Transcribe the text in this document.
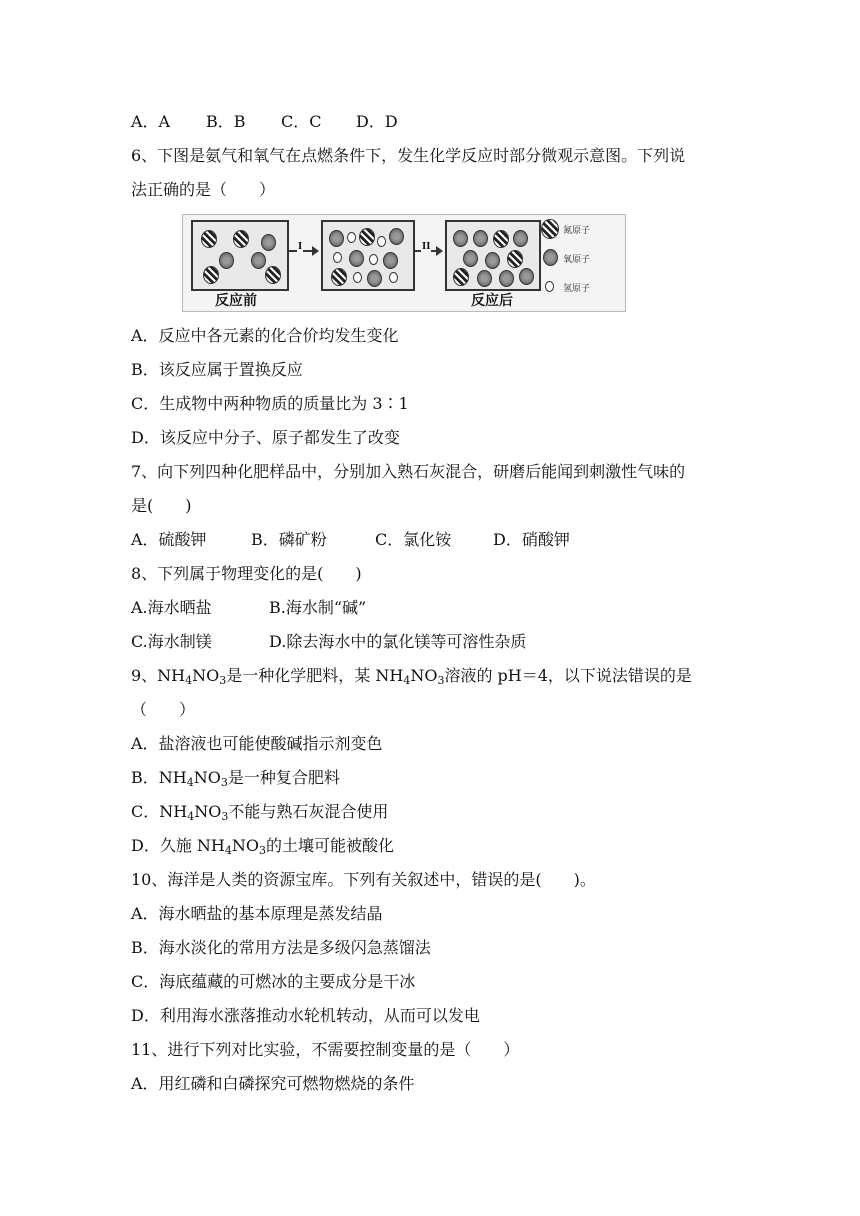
A．A B．B C．C D．D
6、下图是氨气和氧气在点燃条件下，发生化学反应时部分微观示意图。下列说
法正确的是（　　）
反应前
I	II
反应后
氮原子
氧原子
氢原子
A．反应中各元素的化合价均发生变化
B．该反应属于置换反应
C．生成物中两种物质的质量比为 3∶1
D．该反应中分子、原子都发生了改变
7、向下列四种化肥样品中，分别加入熟石灰混合，研磨后能闻到刺激性气味的
是(　　)
A．硫酸钾	B．磷矿粉	C．氯化铵	D．硝酸钾
8、下列属于物理变化的是(　　)
A.海水晒盐	B.海水制“碱”
C.海水制镁	D.除去海水中的氯化镁等可溶性杂质
9、$NH_4NO_3$是一种化学肥料，某 $NH_4NO_3$溶液的 pH＝4，以下说法错误的是
（　　）
A．盐溶液也可能使酸碱指示剂变色
B．$NH_4NO_3$是一种复合肥料
C．$NH_4NO_3$不能与熟石灰混合使用
D．久施 $NH_4NO_3$的土壤可能被酸化
10、海洋是人类的资源宝库。下列有关叙述中，错误的是(　　)。
A．海水晒盐的基本原理是蒸发结晶
B．海水淡化的常用方法是多级闪急蒸馏法
C．海底蕴藏的可燃冰的主要成分是干冰
D．利用海水涨落推动水轮机转动，从而可以发电
11、进行下列对比实验，不需要控制变量的是（　　）
A．用红磷和白磷探究可燃物燃烧的条件
